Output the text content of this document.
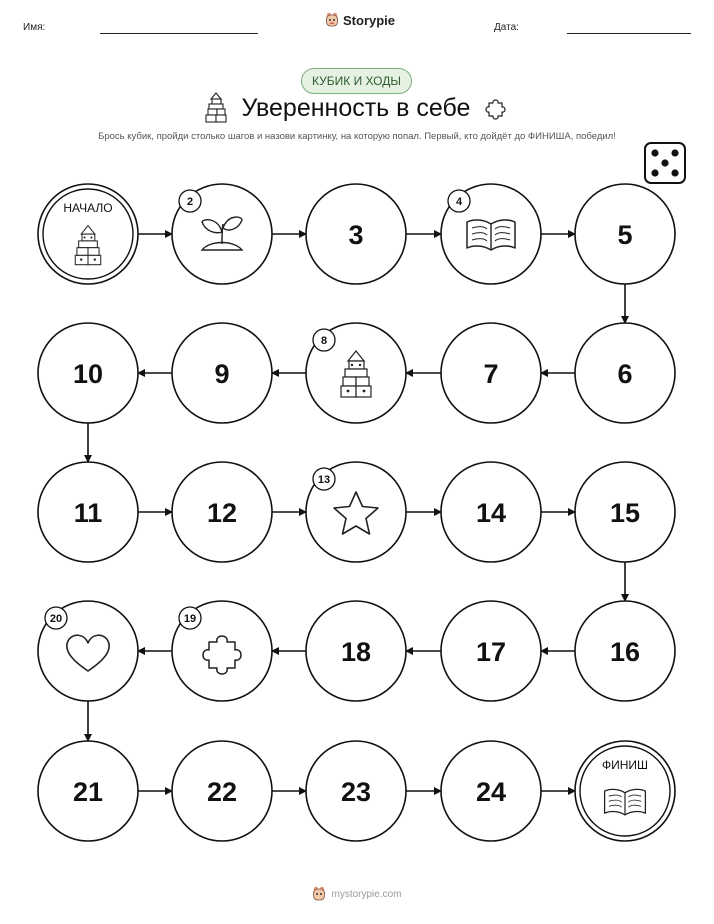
Имя:	Storypie	Дата:
КУБИК И ХОДЫ
Уверенность в себе
Брось кубик, пройди столько шагов и назови картинку, на которую попал. Первый, кто дойдёт до ФИНИША, победил!
НАЧАЛО	2
3
4
5
6
7
8
9
10
11	12
13
14	15
16
17
18
19
20
21	22	23	24
ФИНИШ
mystorypie.com
